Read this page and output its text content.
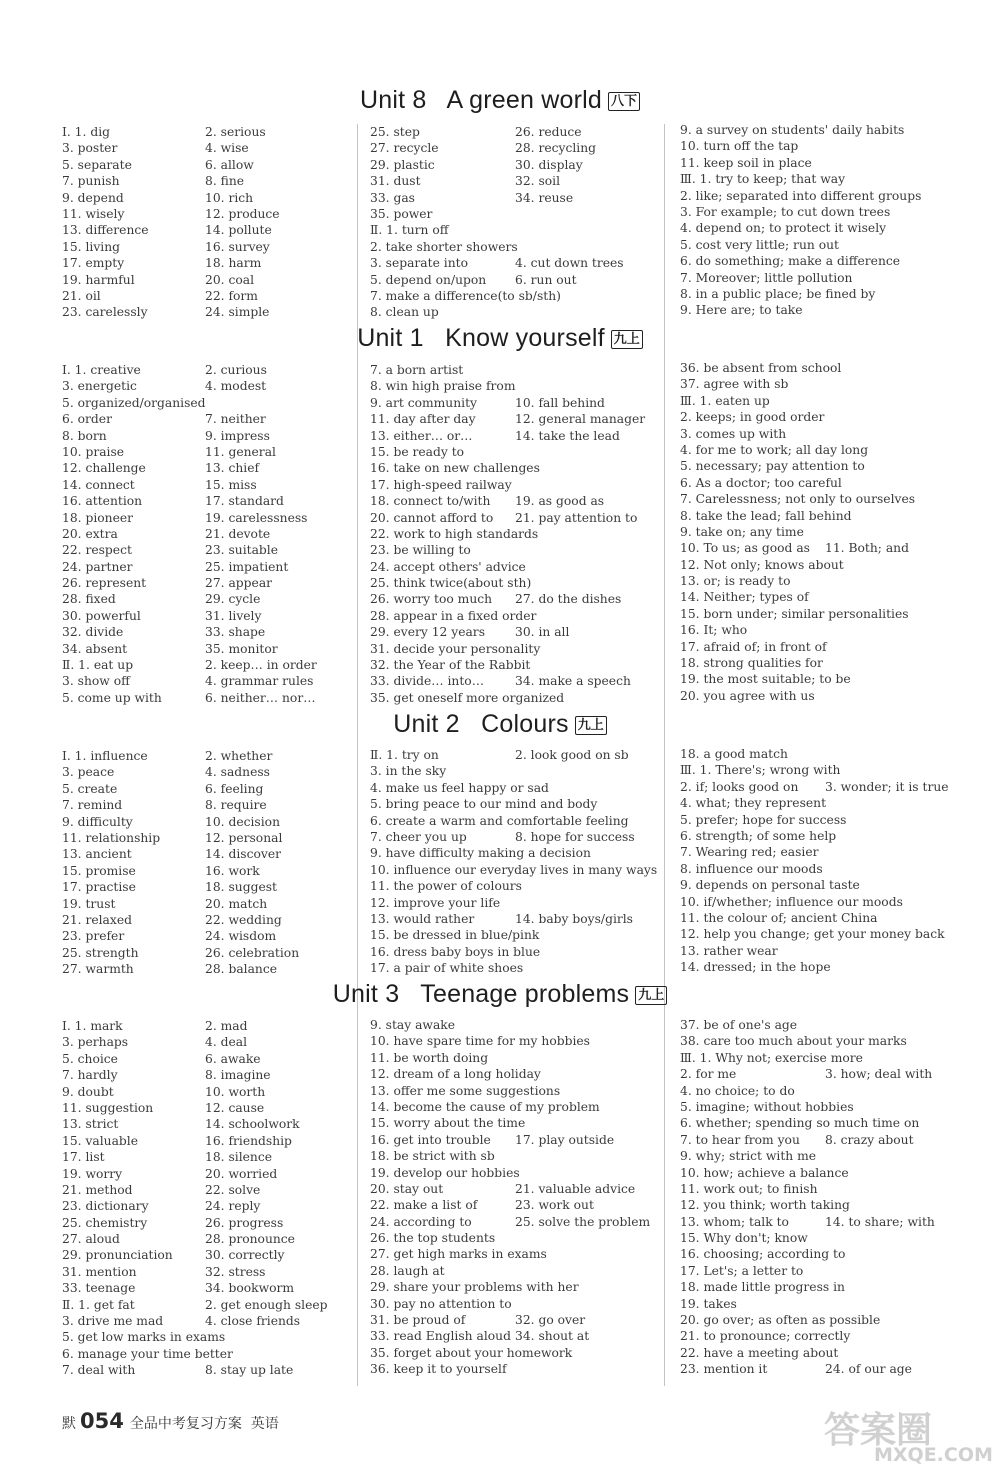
Unit 8   A green world 八下
Ⅰ. 1. dig	2. serious
3. poster	4. wise
5. separate	6. allow
7. punish	8. fine
9. depend	10. rich
11. wisely	12. produce
13. difference	14. pollute
15. living	16. survey
17. empty	18. harm
19. harmful	20. coal
21. oil	22. form
23. carelessly	24. simple
25. step	26. reduce
27. recycle	28. recycling
29. plastic	30. display
31. dust	32. soil
33. gas	34. reuse
35. power
Ⅱ. 1. turn off
2. take shorter showers
3. separate into	4. cut down trees
5. depend on/upon 6. run out
7. make a difference(to sb/sth)
8. clean up
9. a survey on students' daily habits
10. turn off the tap
11. keep soil in place
Ⅲ. 1. try to keep; that way
2. like; separated into different groups
3. For example; to cut down trees
4. depend on; to protect it wisely
5. cost very little; run out
6. do something; make a difference
7. Moreover; little pollution
8. in a public place; be fined by
9. Here are; to take
Unit 1   Know yourself 九上
Ⅰ. 1. creative	2. curious
3. energetic	4. modest
5. organized/organised
6. order	7. neither
8. born	9. impress
10. praise	11. general
12. challenge	13. chief
14. connect	15. miss
16. attention	17. standard
18. pioneer	19. carelessness
20. extra	21. devote
22. respect	23. suitable
24. partner	25. impatient
26. represent	27. appear
28. fixed	29. cycle
30. powerful	31. lively
32. divide	33. shape
34. absent	35. monitor
Ⅱ. 1. eat up	2. keep… in order
3. show off	4. grammar rules
5. come up with	6. neither… nor…
7. a born artist
8. win high praise from
9. art community	10. fall behind
11. day after day	12. general manager
13. either… or…	14. take the lead
15. be ready to
16. take on new challenges
17. high-speed railway
18. connect to/with 19. as good as
20. cannot afford to 21. pay attention to
22. work to high standards
23. be willing to
24. accept others' advice
25. think twice(about sth)
26. worry too much 27. do the dishes
28. appear in a fixed order
29. every 12 years 30. in all
31. decide your personality
32. the Year of the Rabbit
33. divide… into…	34. make a speech
35. get oneself more organized
36. be absent from school
37. agree with sb
Ⅲ. 1. eaten up
2. keeps; in good order
3. comes up with
4. for me to work; all day long
5. necessary; pay attention to
6. As a doctor; too careful
7. Carelessness; not only to ourselves
8. take the lead; fall behind
9. take on; any time
10. To us; as good as 11. Both; and
12. Not only; knows about
13. or; is ready to
14. Neither; types of
15. born under; similar personalities
16. It; who
17. afraid of; in front of
18. strong qualities for
19. the most suitable; to be
20. you agree with us
Unit 2   Colours 九上
Ⅰ. 1. influence	2. whether
3. peace	4. sadness
5. create	6. feeling
7. remind	8. require
9. difficulty	10. decision
11. relationship	12. personal
13. ancient	14. discover
15. promise	16. work
17. practise	18. suggest
19. trust	20. match
21. relaxed	22. wedding
23. prefer	24. wisdom
25. strength	26. celebration
27. warmth	28. balance
Ⅱ. 1. try on	2. look good on sb
3. in the sky
4. make us feel happy or sad
5. bring peace to our mind and body
6. create a warm and comfortable feeling
7. cheer you up	8. hope for success
9. have difficulty making a decision
10. influence our everyday lives in many ways
11. the power of colours
12. improve your life
13. would rather	14. baby boys/girls
15. be dressed in blue/pink
16. dress baby boys in blue
17. a pair of white shoes
18. a good match
Ⅲ. 1. There's; wrong with
2. if; looks good on 3. wonder; it is true
4. what; they represent
5. prefer; hope for success
6. strength; of some help
7. Wearing red; easier
8. influence our moods
9. depends on personal taste
10. if/whether; influence our moods
11. the colour of; ancient China
12. help you change; get your money back
13. rather wear
14. dressed; in the hope
Unit 3   Teenage problems 九上
Ⅰ. 1. mark	2. mad
3. perhaps	4. deal
5. choice	6. awake
7. hardly	8. imagine
9. doubt	10. worth
11. suggestion	12. cause
13. strict	14. schoolwork
15. valuable	16. friendship
17. list	18. silence
19. worry	20. worried
21. method	22. solve
23. dictionary	24. reply
25. chemistry	26. progress
27. aloud	28. pronounce
29. pronunciation	30. correctly
31. mention	32. stress
33. teenage	34. bookworm
Ⅱ. 1. get fat	2. get enough sleep
3. drive me mad	4. close friends
5. get low marks in exams
6. manage your time better
7. deal with	8. stay up late
9. stay awake
10. have spare time for my hobbies
11. be worth doing
12. dream of a long holiday
13. offer me some suggestions
14. become the cause of my problem
15. worry about the time
16. get into trouble 17. play outside
18. be strict with sb
19. develop our hobbies
20. stay out	21. valuable advice
22. make a list of	23. work out
24. according to	25. solve the problem
26. the top students
27. get high marks in exams
28. laugh at
29. share your problems with her
30. pay no attention to
31. be proud of	32. go over
33. read English aloud 34. shout at
35. forget about your homework
36. keep it to yourself
37. be of one's age
38. care too much about your marks
Ⅲ. 1. Why not; exercise more
2. for me	3. how; deal with
4. no choice; to do
5. imagine; without hobbies
6. whether; spending so much time on
7. to hear from you 8. crazy about
9. why; strict with me
10. how; achieve a balance
11. work out; to finish
12. you think; worth taking
13. whom; talk to	14. to share; with
15. Why don't; know
16. choosing; according to
17. Let's; a letter to
18. made little progress in
19. takes
20. go over; as often as possible
21. to pronounce; correctly
22. have a meeting about
23. mention it	24. of our age
默 054 全品中考复习方案 英语	答案圈
MXQE.COM
